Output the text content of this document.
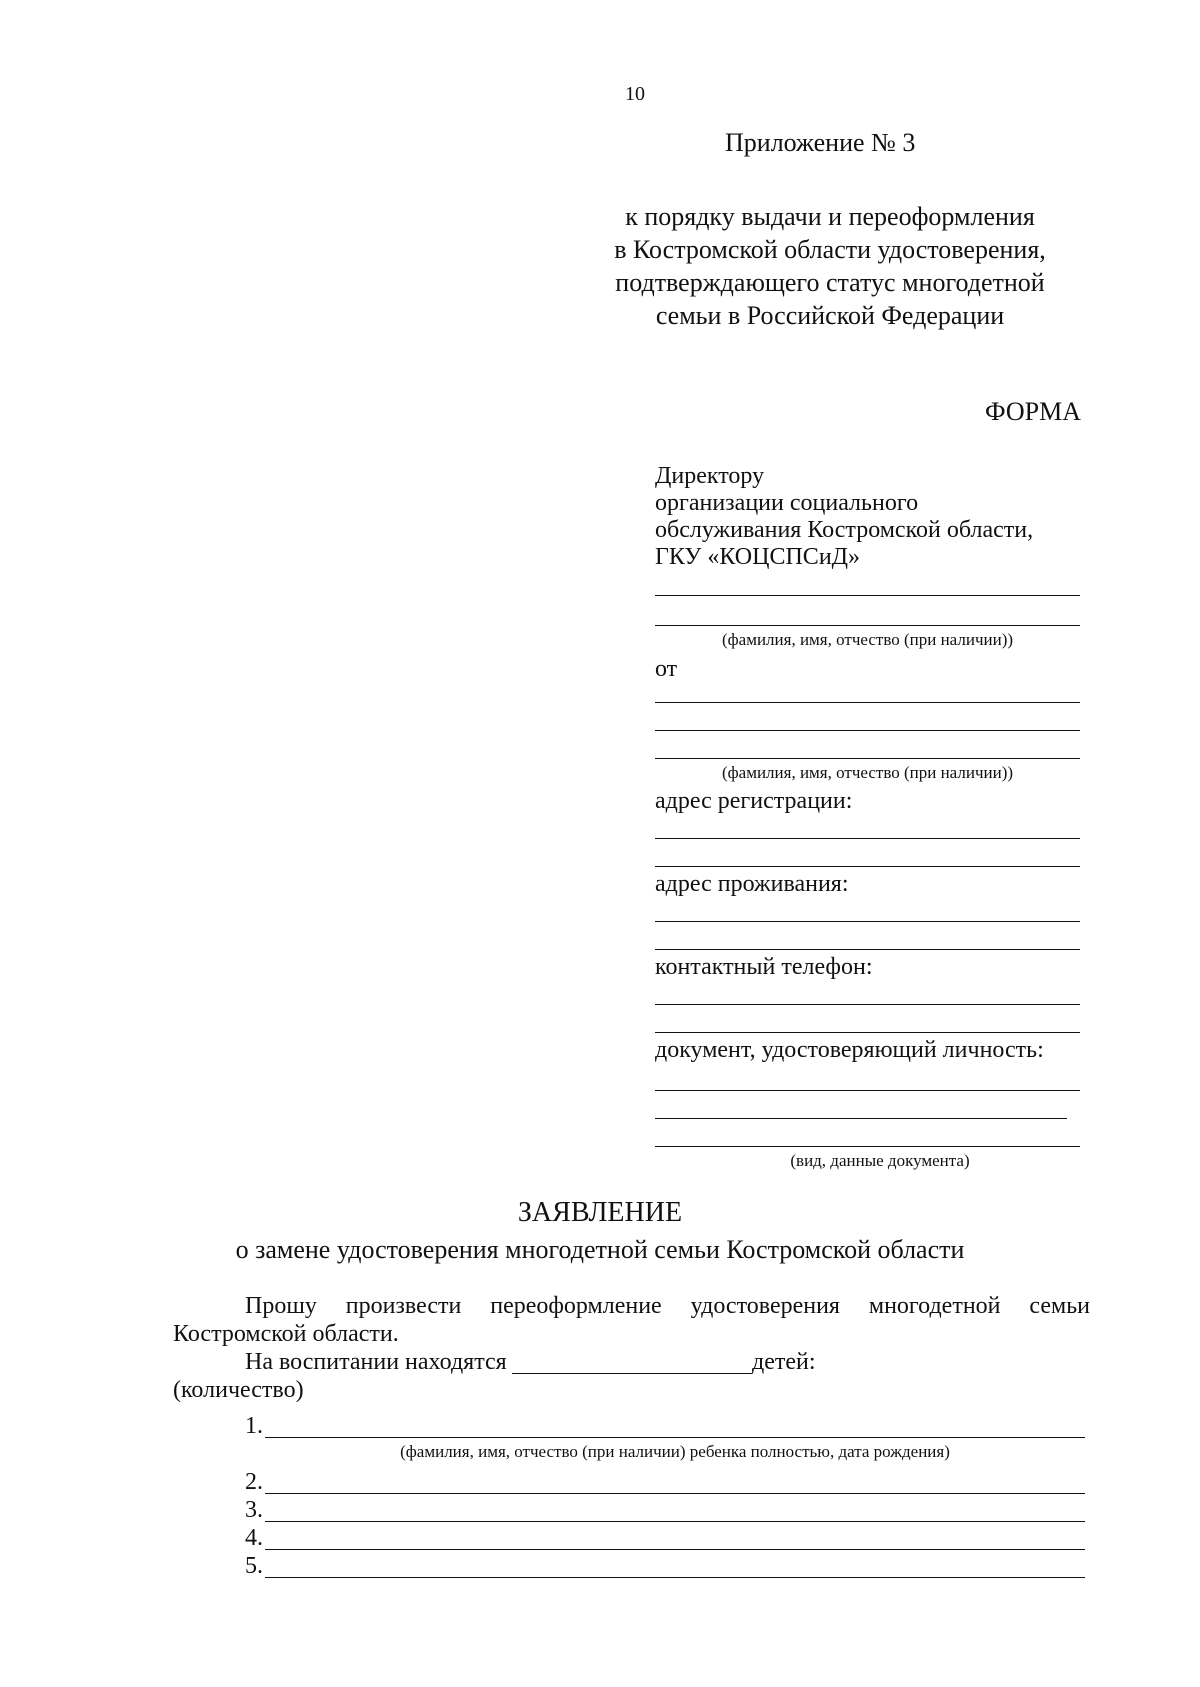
10
Приложение № 3
к порядку выдачи и переоформления
в Костромской области удостоверения,
подтверждающего статус многодетной
семьи в Российской Федерации
ФОРМА
Директору
организации социального
обслуживания Костромской области,
ГКУ «КОЦСПСиД»
(фамилия, имя, отчество (при наличии))
от
(фамилия, имя, отчество (при наличии))
адрес регистрации:
адрес проживания:
контактный телефон:
документ, удостоверяющий личность:
(вид, данные документа)
ЗАЯВЛЕНИЕ
о замене удостоверения многодетной семьи Костромской области
Прошу произвести переоформление удостоверения многодетной семьи
Костромской области.
На воспитании находятся	детей:
(количество)
1.
(фамилия, имя, отчество (при наличии) ребенка полностью, дата рождения)
2.
3.
4.
5.
